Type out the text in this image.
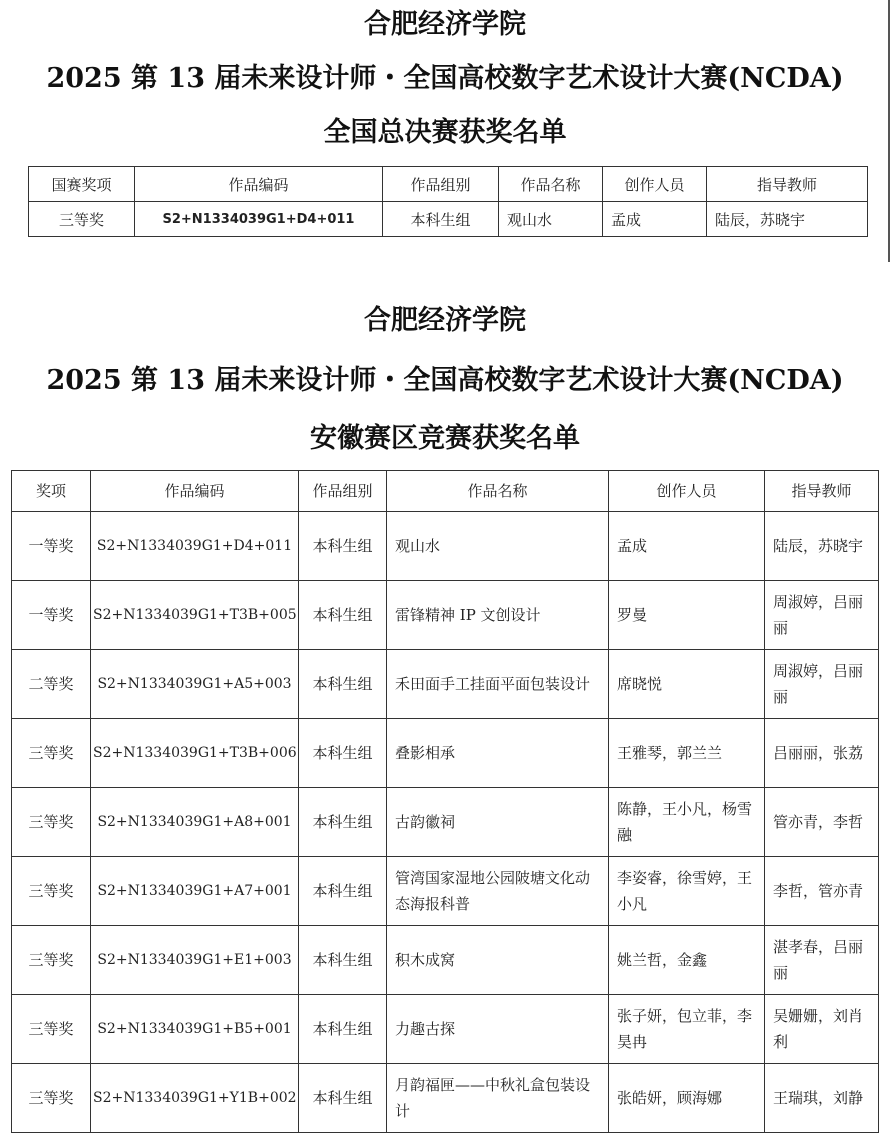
合肥经济学院
2025 第 13 届未来设计师・全国高校数字艺术设计大赛(NCDA)
全国总决赛获奖名单
国赛奖项	作品编码	作品组别	作品名称	创作人员	指导教师
三等奖	S2+N1334039G1+D4+011	本科生组	观山水	孟成	陆辰，苏晓宇
合肥经济学院
2025 第 13 届未来设计师・全国高校数字艺术设计大赛(NCDA)
安徽赛区竞赛获奖名单
奖项	作品编码	作品组别	作品名称	创作人员	指导教师
一等奖	S2+N1334039G1+D4+011	本科生组	观山水	孟成	陆辰，苏晓宇
一等奖	S2+N1334039G1+T3B+005	本科生组	雷锋精神 IP 文创设计	罗曼	周淑婷，吕丽丽
二等奖	S2+N1334039G1+A5+003	本科生组	禾田面手工挂面平面包装设计	席晓悦	周淑婷，吕丽丽
三等奖	S2+N1334039G1+T3B+006	本科生组	叠影相承	王雅琴，郭兰兰	吕丽丽，张荔
三等奖	S2+N1334039G1+A8+001	本科生组	古韵徽祠	陈静，王小凡，杨雪融	管亦青，李哲
三等奖	S2+N1334039G1+A7+001	本科生组	管湾国家湿地公园陂塘文化动态海报科普	李姿睿，徐雪婷，王小凡	李哲，管亦青
三等奖	S2+N1334039G1+E1+003	本科生组	积木成窝	姚兰哲，金鑫	湛孝春，吕丽丽
三等奖	S2+N1334039G1+B5+001	本科生组	力趣古探	张子妍，包立菲，李昊冉	吴姗姗，刘肖利
三等奖	S2+N1334039G1+Y1B+002	本科生组	月韵福匣——中秋礼盒包装设计	张皓妍，顾海娜	王瑞琪，刘静
